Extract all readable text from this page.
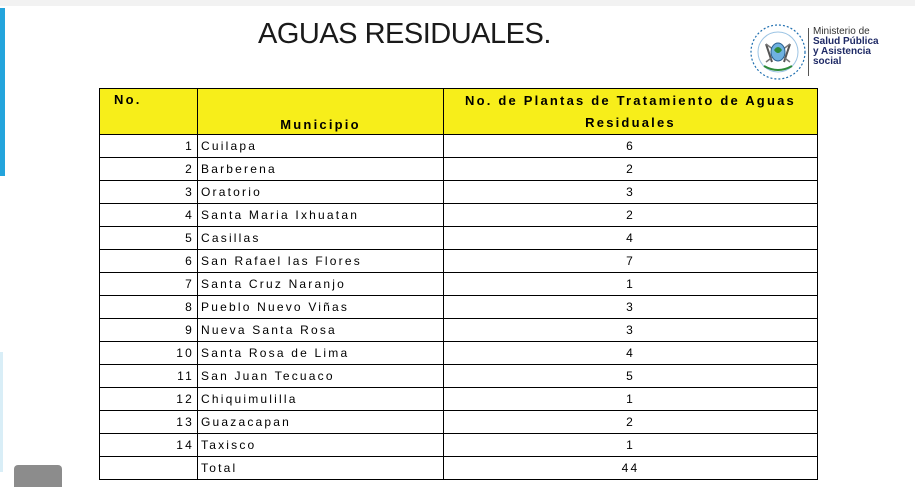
AGUAS RESIDUALES.	Ministerio de
Salud Pública
y Asistencia
social
No.	Municipio	No. de Plantas de Tratamiento de Aguas Residuales
1	Cuilapa	6
2	Barberena	2
3	Oratorio	3
4	Santa Maria Ixhuatan	2
5	Casillas	4
6	San Rafael las Flores	7
7	Santa Cruz Naranjo	1
8	Pueblo Nuevo Viñas	3
9	Nueva Santa Rosa	3
10	Santa Rosa de Lima	4
11	San Juan Tecuaco	5
12	Chiquimulilla	1
13	Guazacapan	2
14	Taxisco	1
	Total	44
